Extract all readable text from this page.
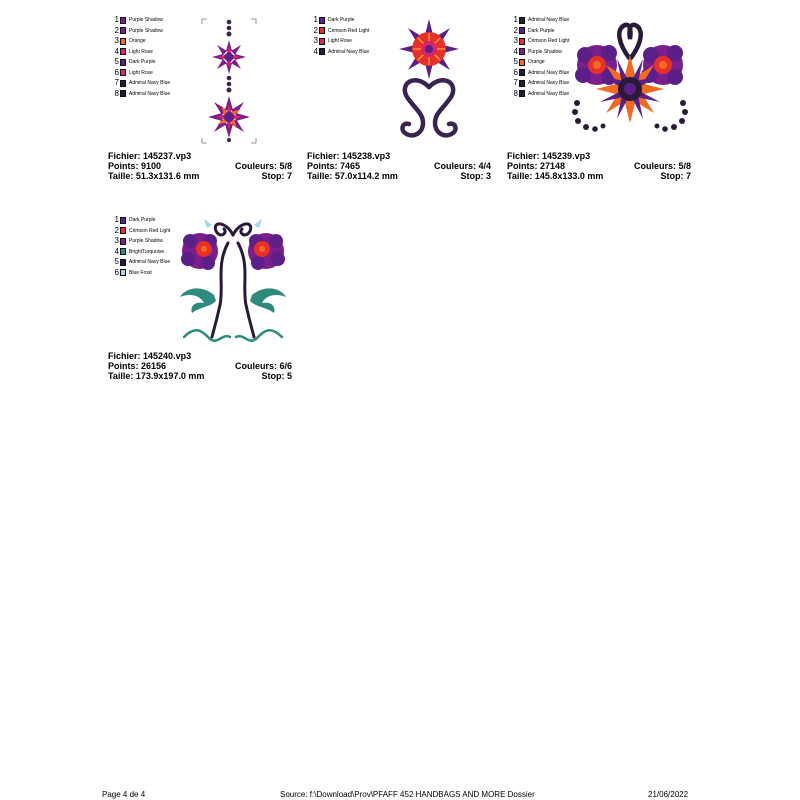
1 Purple Shadow
2 Purple Shadow
3 Orange
4 Light Rose
5 Dark Purple
6 Light Rose
7 Admiral Navy Blue
8 Admiral Navy Blue
Fichier: 145237.vp3
Points: 9100	Couleurs: 5/8
Taille: 51.3x131.6 mm	Stop: 7
1 Dark Purple
2 Crimson Red Light
3 Light Rose
4 Admiral Navy Blue
Fichier: 145238.vp3
Points: 7465	Couleurs: 4/4
Taille: 57.0x114.2 mm	Stop: 3
1 Admiral Navy Blue
2 Dark Purple
3 Crimson Red Light
4 Purple Shadow
5 Orange
6 Admiral Navy Blue
7 Admiral Navy Blue
8 Admiral Navy Blue
Fichier: 145239.vp3
Points: 27148	Couleurs: 5/8
Taille: 145.8x133.0 mm	Stop: 7
1 Dark Purple
2 Crimson Red Light
3 Purple Shadow
4 BrightTurquoise
5 Admiral Navy Blue
6 Blue Frost
Fichier: 145240.vp3
Points: 26156	Couleurs: 6/6
Taille: 173.9x197.0 mm	Stop: 5
Page 4 de 4	Source: f:\Download\Prov\PFAFF 452 HANDBAGS AND MORE Dossier	21/06/2022
